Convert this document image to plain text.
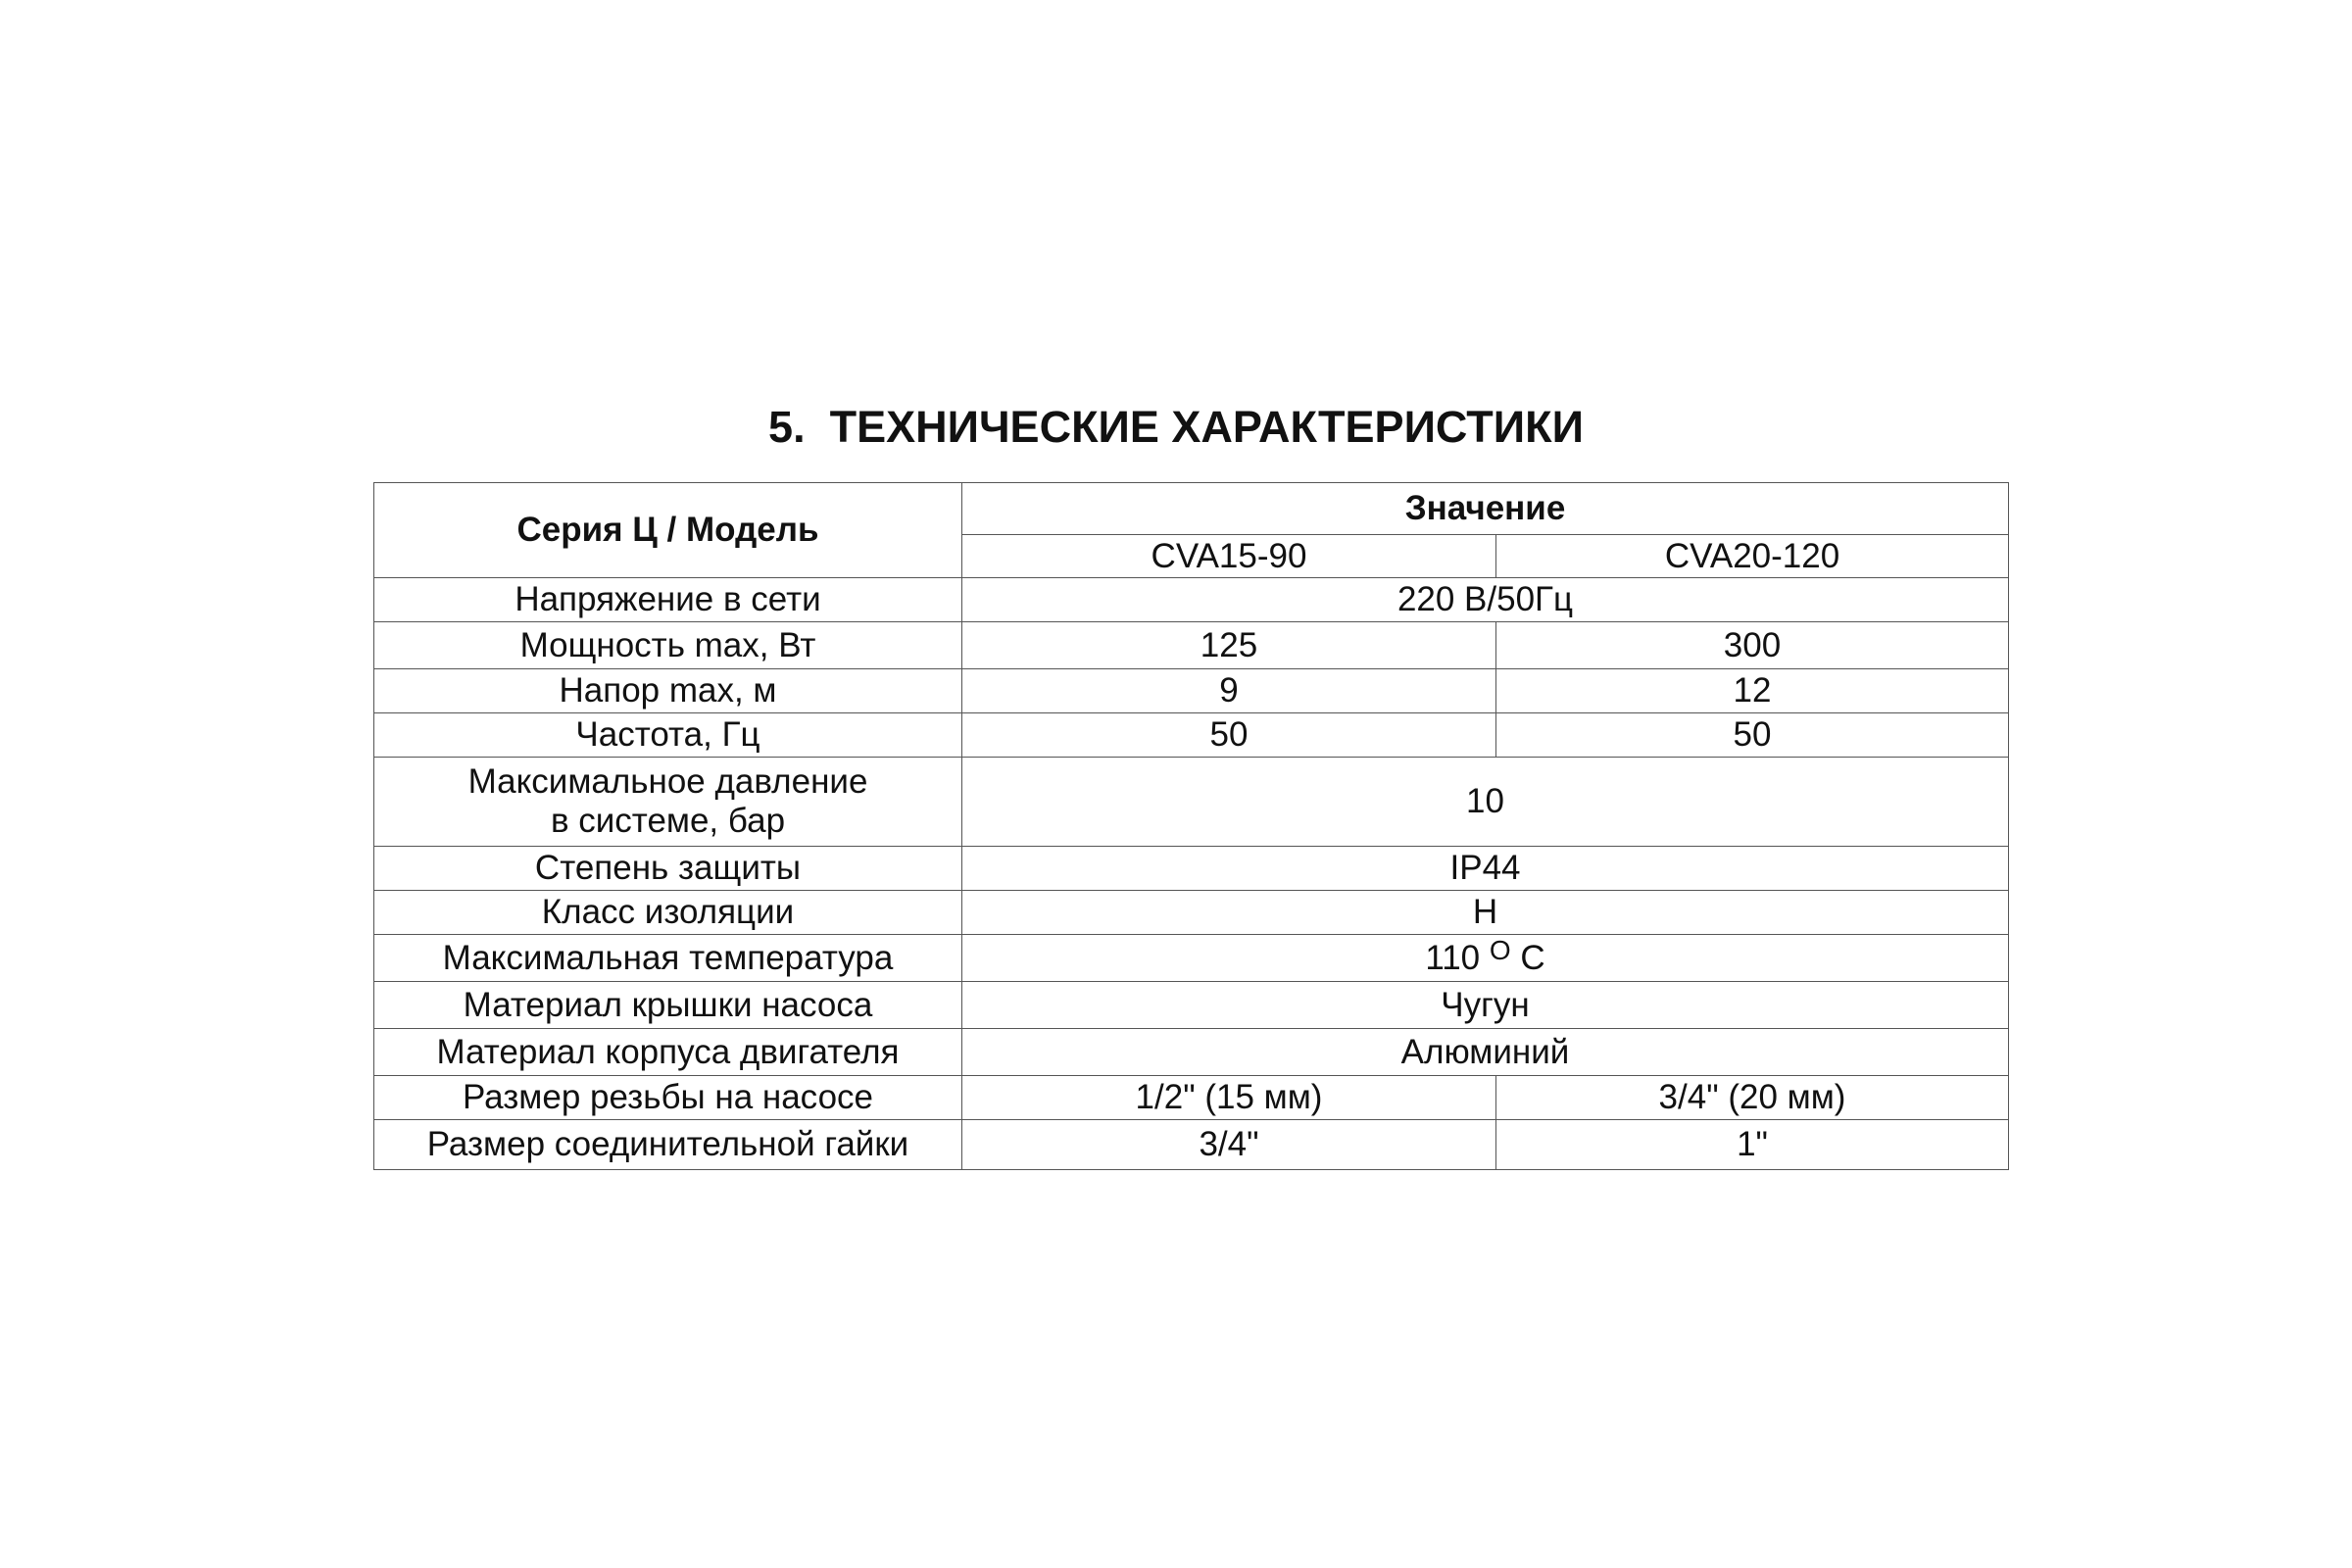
5.  ТЕХНИЧЕСКИЕ ХАРАКТЕРИСТИКИ
Серия Ц / Модель	Значение	
	CVA15-90	CVA20-120
Напряжение в сети	220 В/50Гц	
Мощность max, Вт	125	300
Напор max, м	9	12
Частота, Гц	50	50

Максимальное давление
в системе, бар	10	
Степень защиты	IP44	
Класс изоляции	H	
Максимальная температура	110 $^O$ C	
Материал крышки насоса	Чугун	
Материал корпуса двигателя	Алюминий	
Размер резьбы на насосе	1/2" (15 мм)	3/4" (20 мм)
Размер соединительной гайки	3/4"	1"
